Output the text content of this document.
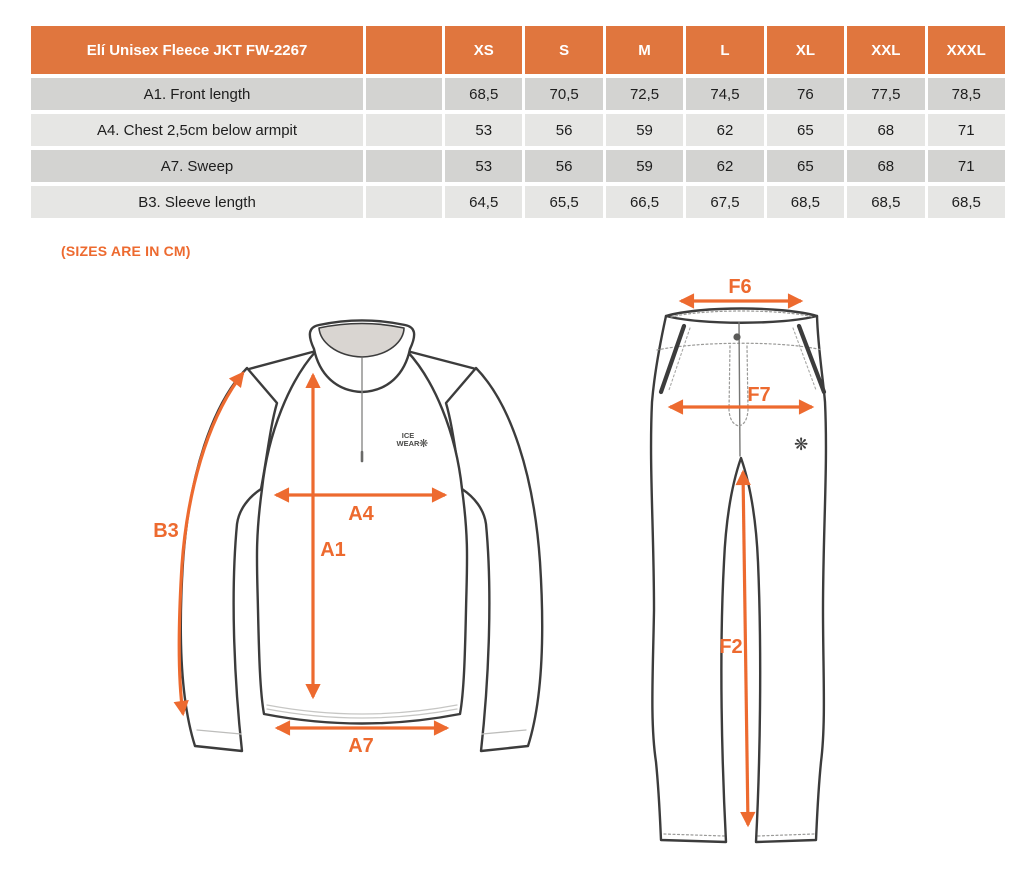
Elí Unisex Fleece JKT FW-2267		XS	S	M	L	XL	XXL	XXXL
A1. Front length		68,5	70,5	72,5	74,5	76	77,5	78,5
A4. Chest 2,5cm below armpit		53	56	59	62	65	68	71
A7. Sweep		53	56	59	62	65	68	71
B3. Sleeve length		64,5	65,5	66,5	67,5	68,5	68,5	68,5
(SIZES ARE IN CM)
ICE
WEAR ❋
B3
A4
A1
A7
❋
F6
F7
F2
